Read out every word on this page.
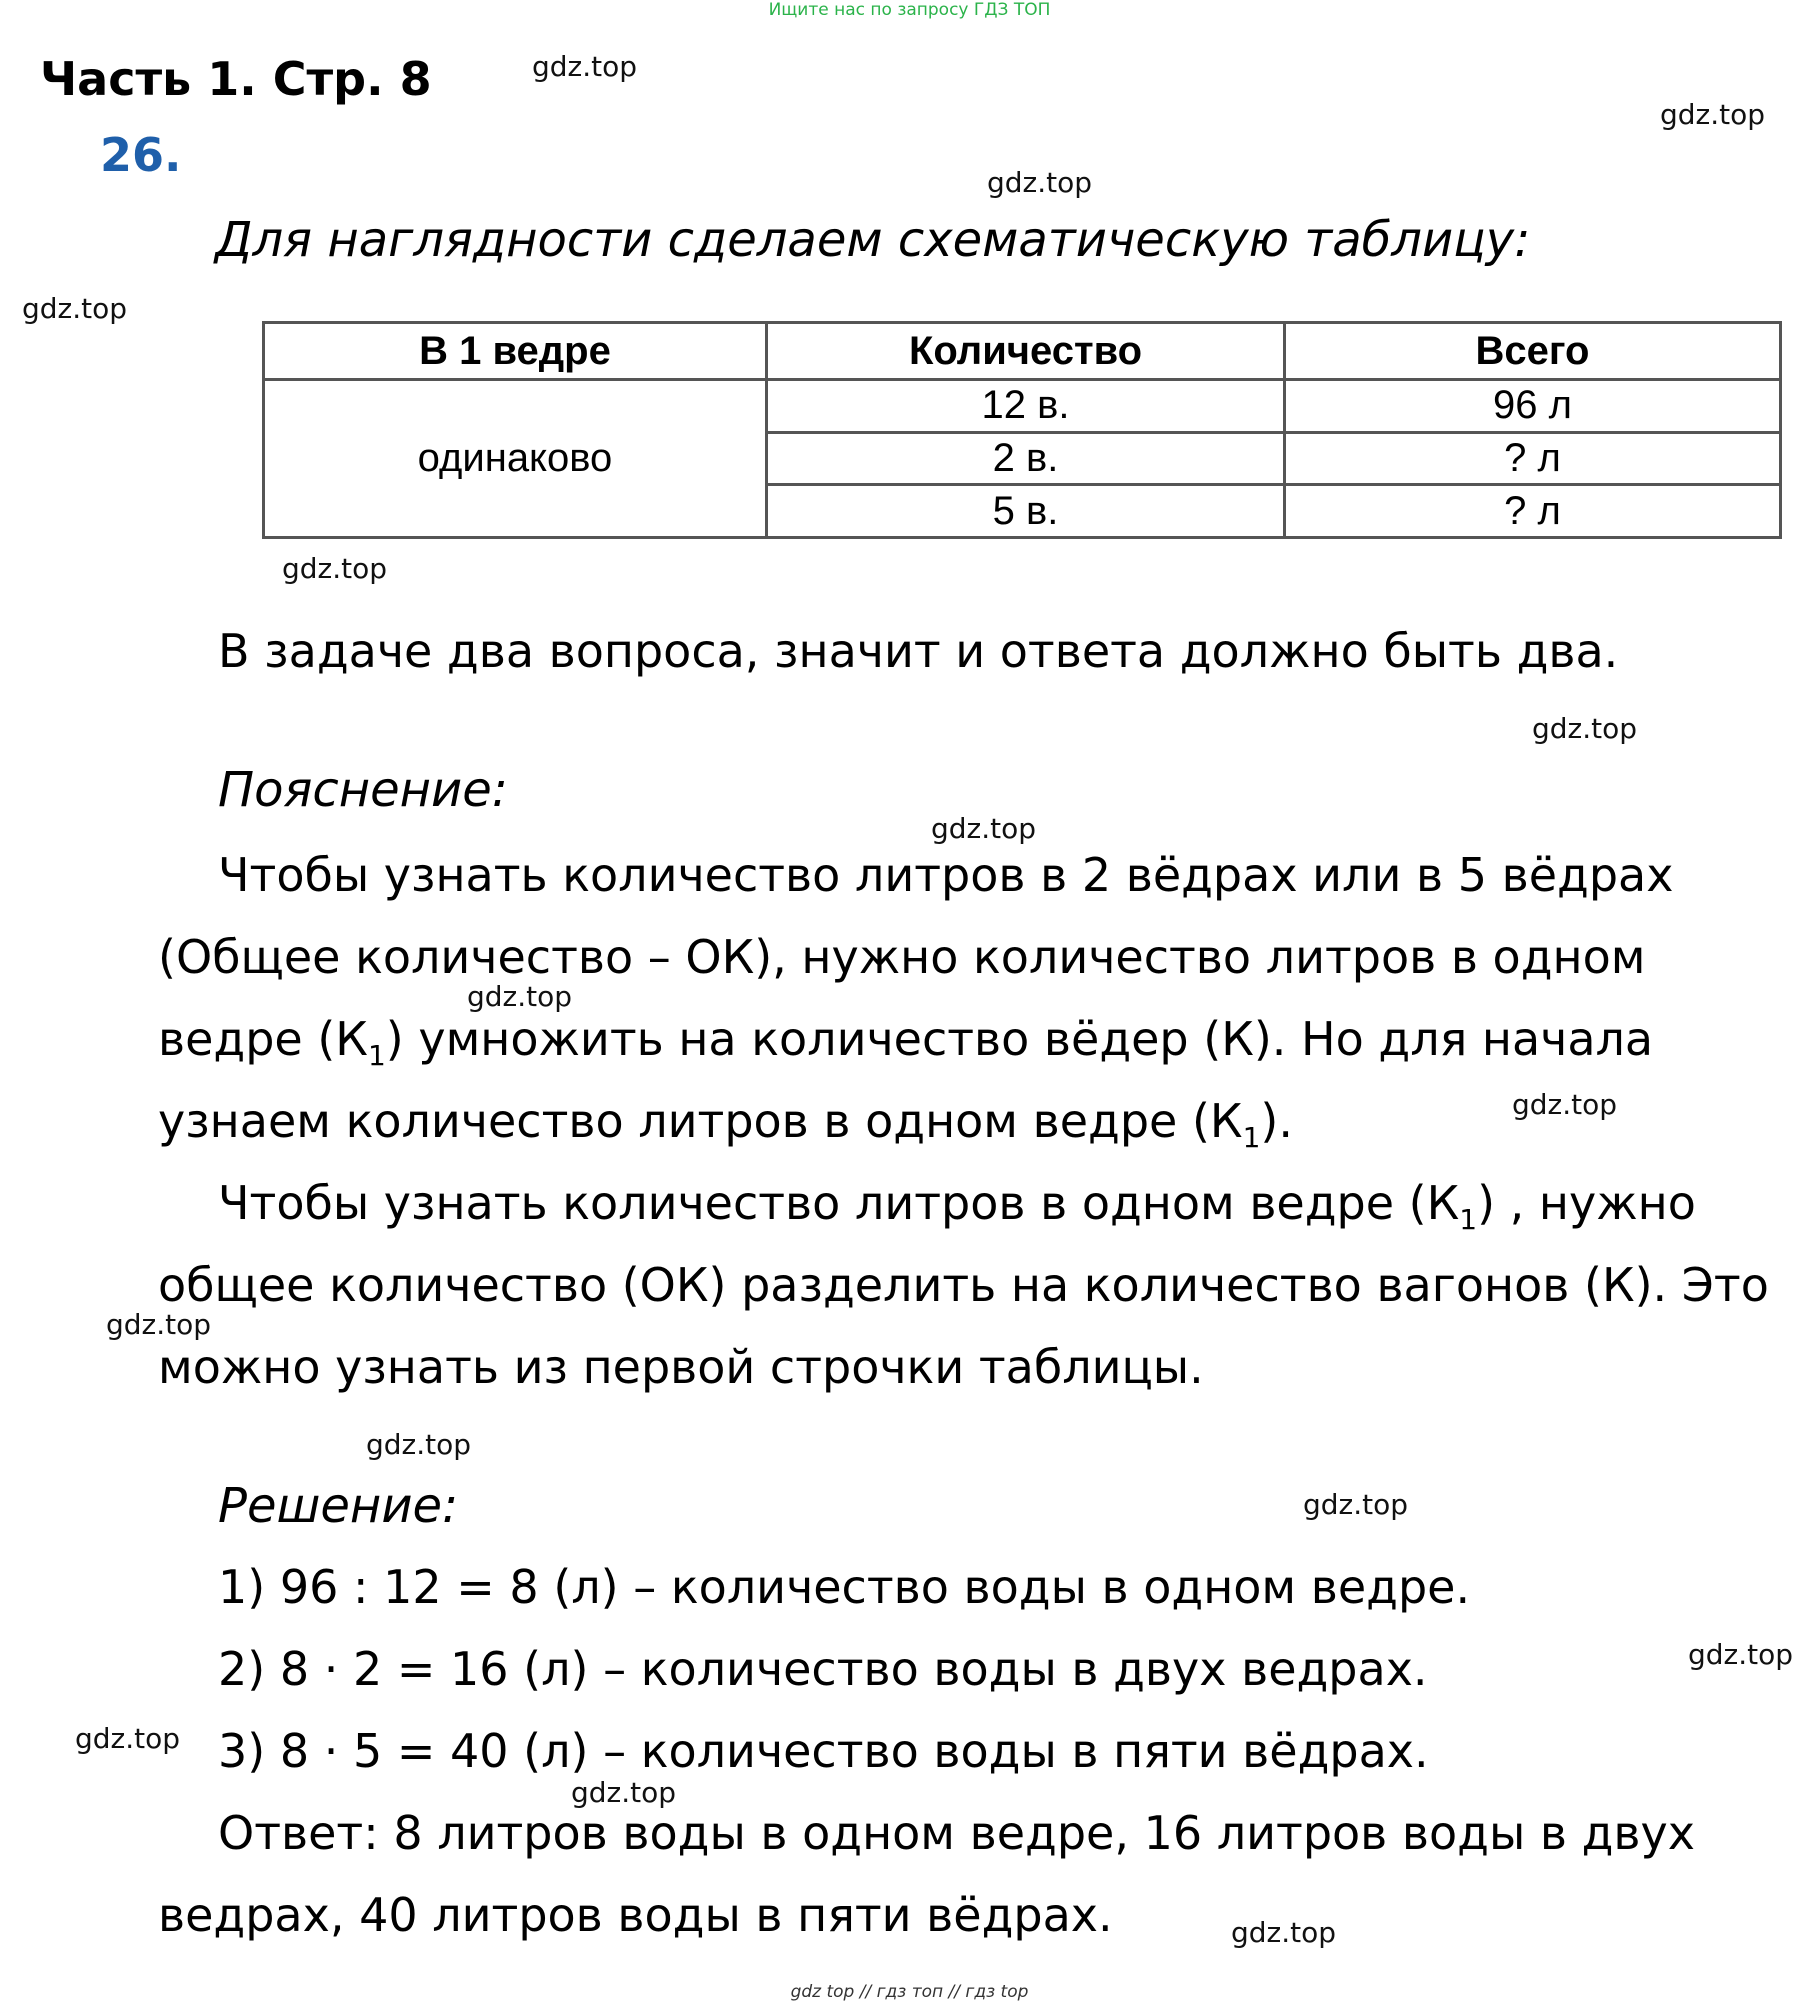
Ищите нас по запросу ГДЗ ТОП
Часть 1. Стр. 8
26.
Для наглядности сделаем схематическую таблицу:
В 1 ведре	Количество	Всего
одинаково	12 в.	96 л
	2 в.	? л
	5 в.	? л
В задаче два вопроса, значит и ответа должно быть два.
Пояснение:
Чтобы узнать количество литров в 2 вёдрах или в 5 вёдрах
(Общее количество – ОК), нужно количество литров в одном
ведре $(К_1)$ умножить на количество вёдер (К). Но для начала
узнаем количество литров в одном ведре $(К_1)$.
Чтобы узнать количество литров в одном ведре $(К_1)$ , нужно
общее количество (ОК) разделить на количество вагонов (К). Это
можно узнать из первой строчки таблицы.
Решение:
1) 96 : 12 = 8 (л) – количество воды в одном ведре.
2) 8 · 2 = 16 (л) – количество воды в двух ведрах.
3) 8 · 5 = 40 (л) – количество воды в пяти вёдрах.
Ответ: 8 литров воды в одном ведре, 16 литров воды в двух
ведрах, 40 литров воды в пяти вёдрах.
gdz.top
gdz.top
gdz.top
gdz.top
gdz.top
gdz.top
gdz.top
gdz.top
gdz.top
gdz.top
gdz.top
gdz.top
gdz.top
gdz.top
gdz.top
gdz.top
gdz top // гдз топ // гдз top
